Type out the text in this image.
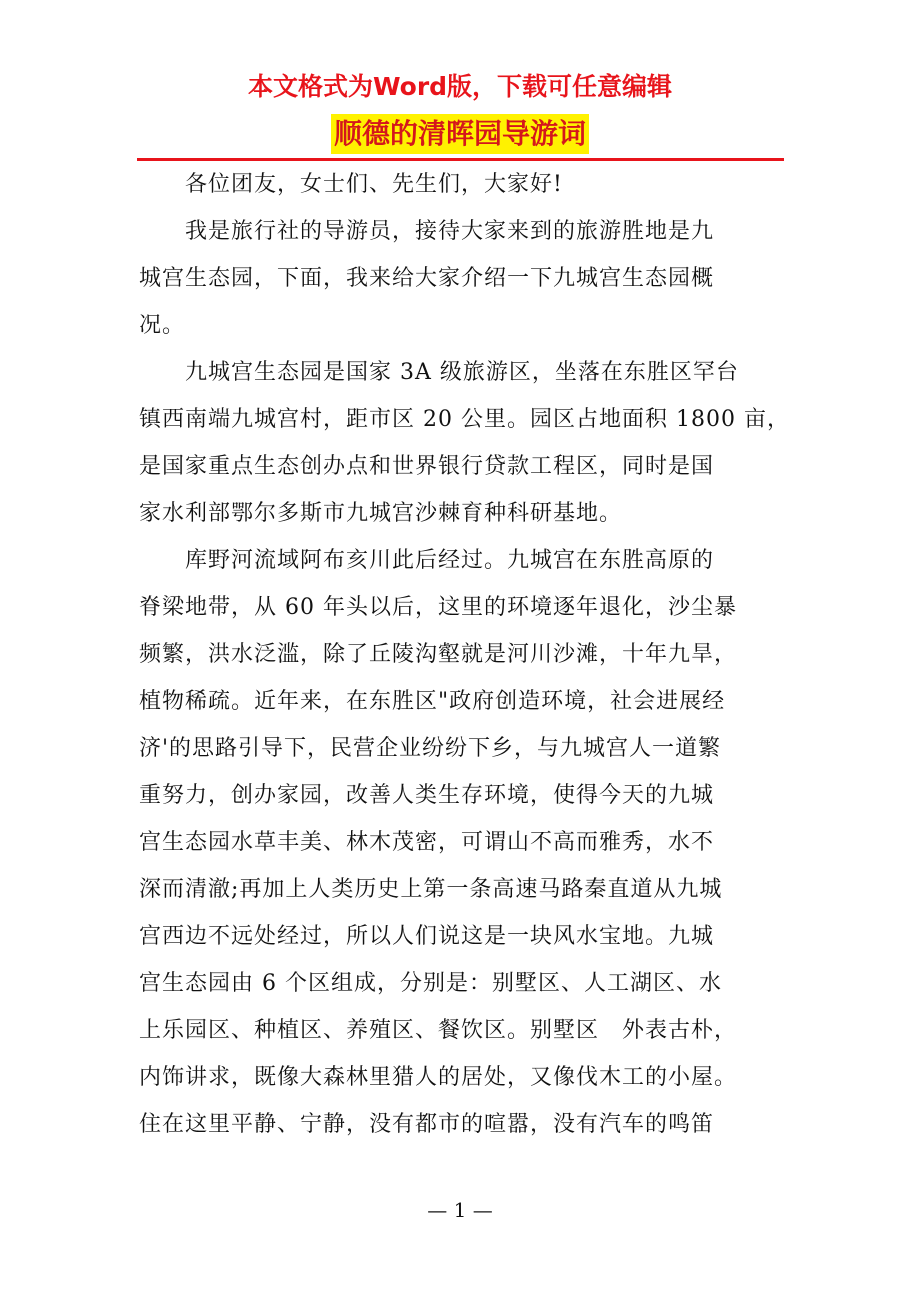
本文格式为Word版，下载可任意编辑
顺德的清晖园导游词
　　各位团友，女士们、先生们，大家好!
　　我是旅行社的导游员，接待大家来到的旅游胜地是九
城宫生态园，下面，我来给大家介绍一下九城宫生态园概
况。
　　九城宫生态园是国家 3A 级旅游区，坐落在东胜区罕台
镇西南端九城宫村，距市区 20 公里。园区占地面积 1800 亩，
是国家重点生态创办点和世界银行贷款工程区，同时是国
家水利部鄂尔多斯市九城宫沙棘育种科研基地。
　　库野河流域阿布亥川此后经过。九城宫在东胜高原的
脊梁地带，从 60 年头以后，这里的环境逐年退化，沙尘暴
频繁，洪水泛滥，除了丘陵沟壑就是河川沙滩，十年九旱，
植物稀疏。近年来，在东胜区"政府创造环境，社会进展经
济'的思路引导下，民营企业纷纷下乡，与九城宫人一道繁
重努力，创办家园，改善人类生存环境，使得今天的九城
宫生态园水草丰美、林木茂密，可谓山不高而雅秀，水不
深而清澈;再加上人类历史上第一条高速马路秦直道从九城
宫西边不远处经过，所以人们说这是一块风水宝地。九城
宫生态园由 6 个区组成，分别是：别墅区、人工湖区、水
上乐园区、种植区、养殖区、餐饮区。别墅区　外表古朴，
内饰讲求，既像大森林里猎人的居处，又像伐木工的小屋。
住在这里平静、宁静，没有都市的喧嚣，没有汽车的鸣笛
— 1 —
